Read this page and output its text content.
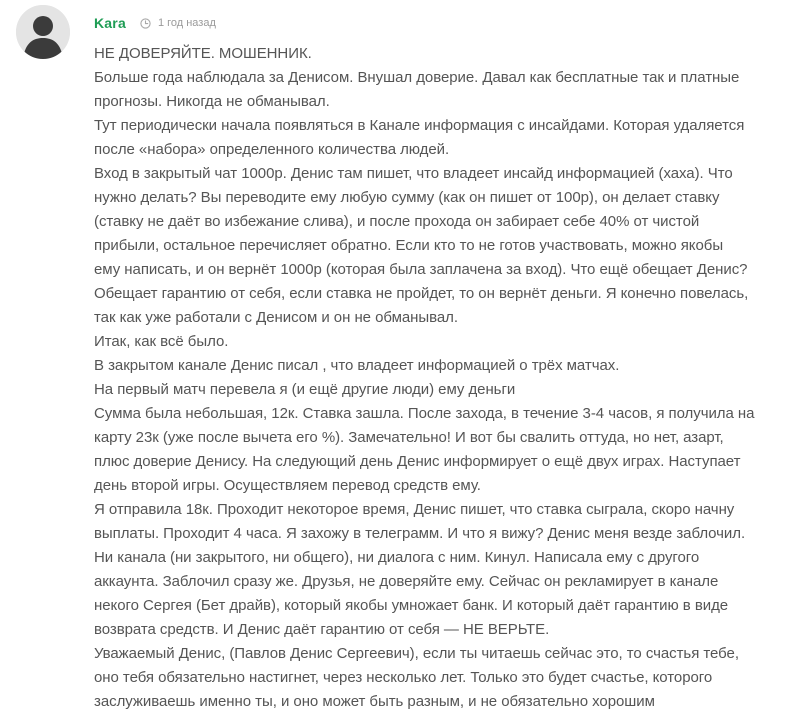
Kara	1 год назад
НЕ ДОВЕРЯЙТЕ. МОШЕННИК.
Больше года наблюдала за Денисом. Внушал доверие. Давал как бесплатные так и платные
прогнозы. Никогда не обманывал.
Тут периодически начала появляться в Канале информация с инсайдами. Которая удаляется
после «набора» определенного количества людей.
Вход в закрытый чат 1000р. Денис там пишет, что владеет инсайд информацией (хаха). Что
нужно делать? Вы переводите ему любую сумму (как он пишет от 100р), он делает ставку
(ставку не даёт во избежание слива), и после прохода он забирает себе 40% от чистой
прибыли, остальное перечисляет обратно. Если кто то не готов участвовать, можно якобы
ему написать, и он вернёт 1000р (которая была заплачена за вход). Что ещё обещает Денис?
Обещает гарантию от себя, если ставка не пройдет, то он вернёт деньги. Я конечно повелась,
так как уже работали с Денисом и он не обманывал.
Итак, как всё было.
В закрытом канале Денис писал , что владеет информацией о трёх матчах.
На первый матч перевела я (и ещё другие люди) ему деньги
Сумма была небольшая, 12к. Ставка зашла. После захода, в течение 3-4 часов, я получила на
карту 23к (уже после вычета его %). Замечательно! И вот бы свалить оттуда, но нет, азарт,
плюс доверие Денису. На следующий день Денис информирует о ещё двух играх. Наступает
день второй игры. Осуществляем перевод средств ему.
Я отправила 18к. Проходит некоторое время, Денис пишет, что ставка сыграла, скоро начну
выплаты. Проходит 4 часа. Я захожу в телеграмм. И что я вижу? Денис меня везде заблочил.
Ни канала (ни закрытого, ни общего), ни диалога с ним. Кинул. Написала ему с другого
аккаунта. Заблочил сразу же. Друзья, не доверяйте ему. Сейчас он рекламирует в канале
некого Сергея (Бет драйв), который якобы умножает банк. И который даёт гарантию в виде
возврата средств. И Денис даёт гарантию от себя — НЕ ВЕРЬТЕ.
Уважаемый Денис, (Павлов Денис Сергеевич), если ты читаешь сейчас это, то счастья тебе,
оно тебя обязательно настигнет, через несколько лет. Только это будет счастье, которого
заслуживаешь именно ты, и оно может быть разным, и не обязательно хорошим
